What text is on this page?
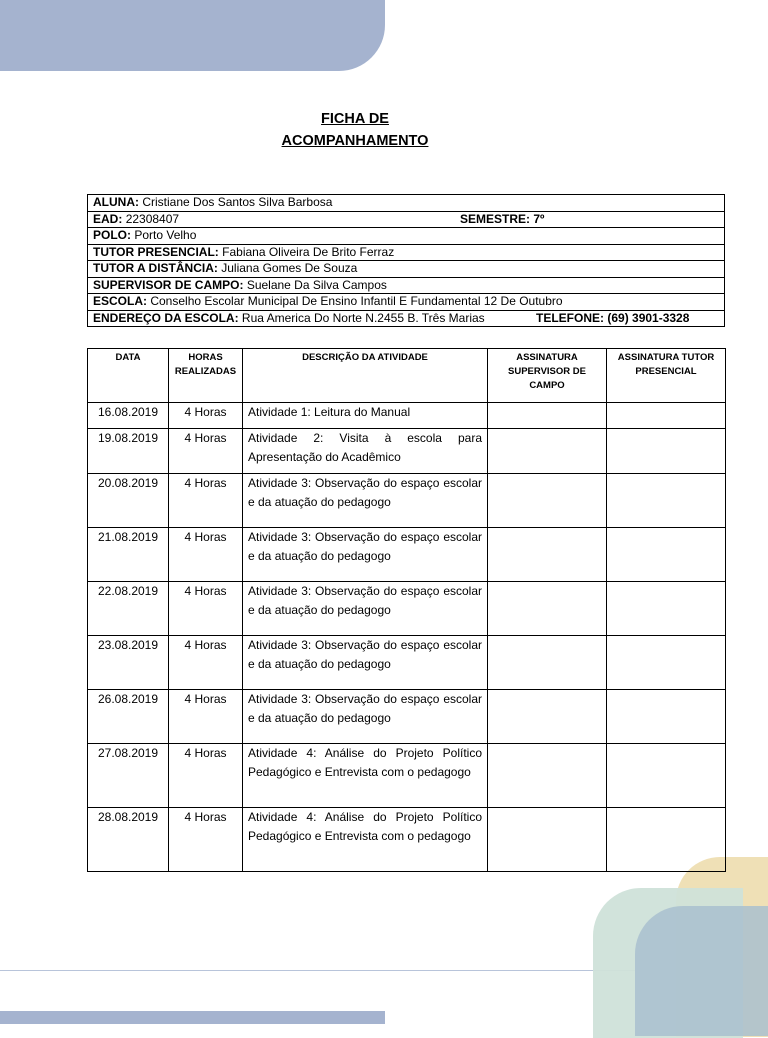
FICHA DE
ACOMPANHAMENTO
ALUNA: Cristiane Dos Santos Silva Barbosa
EAD: 22308407	SEMESTRE: 7º

POLO: Porto Velho
TUTOR PRESENCIAL: Fabiana Oliveira De Brito Ferraz
TUTOR A DISTÂNCIA: Juliana Gomes De Souza
SUPERVISOR DE CAMPO: Suelane Da Silva Campos
ESCOLA: Conselho Escolar Municipal De Ensino Infantil E Fundamental 12 De Outubro
ENDEREÇO DA ESCOLA: Rua America Do Norte N.2455 B. Três Marias	TELEFONE: (69) 3901-3328
DATA	HORAS REALIZADAS	DESCRIÇÃO DA ATIVIDADE	ASSINATURA SUPERVISOR DE CAMPO	ASSINATURA TUTOR PRESENCIAL
16.08.2019	4 Horas	Atividade 1: Leitura do Manual		
19.08.2019	4 Horas	Atividade 2: Visita à escola para Apresentação do Acadêmico		
20.08.2019	4 Horas	Atividade 3: Observação do espaço escolar e da atuação do pedagogo		
21.08.2019	4 Horas	Atividade 3: Observação do espaço escolar e da atuação do pedagogo		
22.08.2019	4 Horas	Atividade 3: Observação do espaço escolar e da atuação do pedagogo		
23.08.2019	4 Horas	Atividade 3: Observação do espaço escolar e da atuação do pedagogo		
26.08.2019	4 Horas	Atividade 3: Observação do espaço escolar e da atuação do pedagogo		
27.08.2019	4 Horas	Atividade 4: Análise do Projeto Político Pedagógico e Entrevista com o pedagogo		
28.08.2019	4 Horas	Atividade 4: Análise do Projeto Político Pedagógico e Entrevista com o pedagogo		
